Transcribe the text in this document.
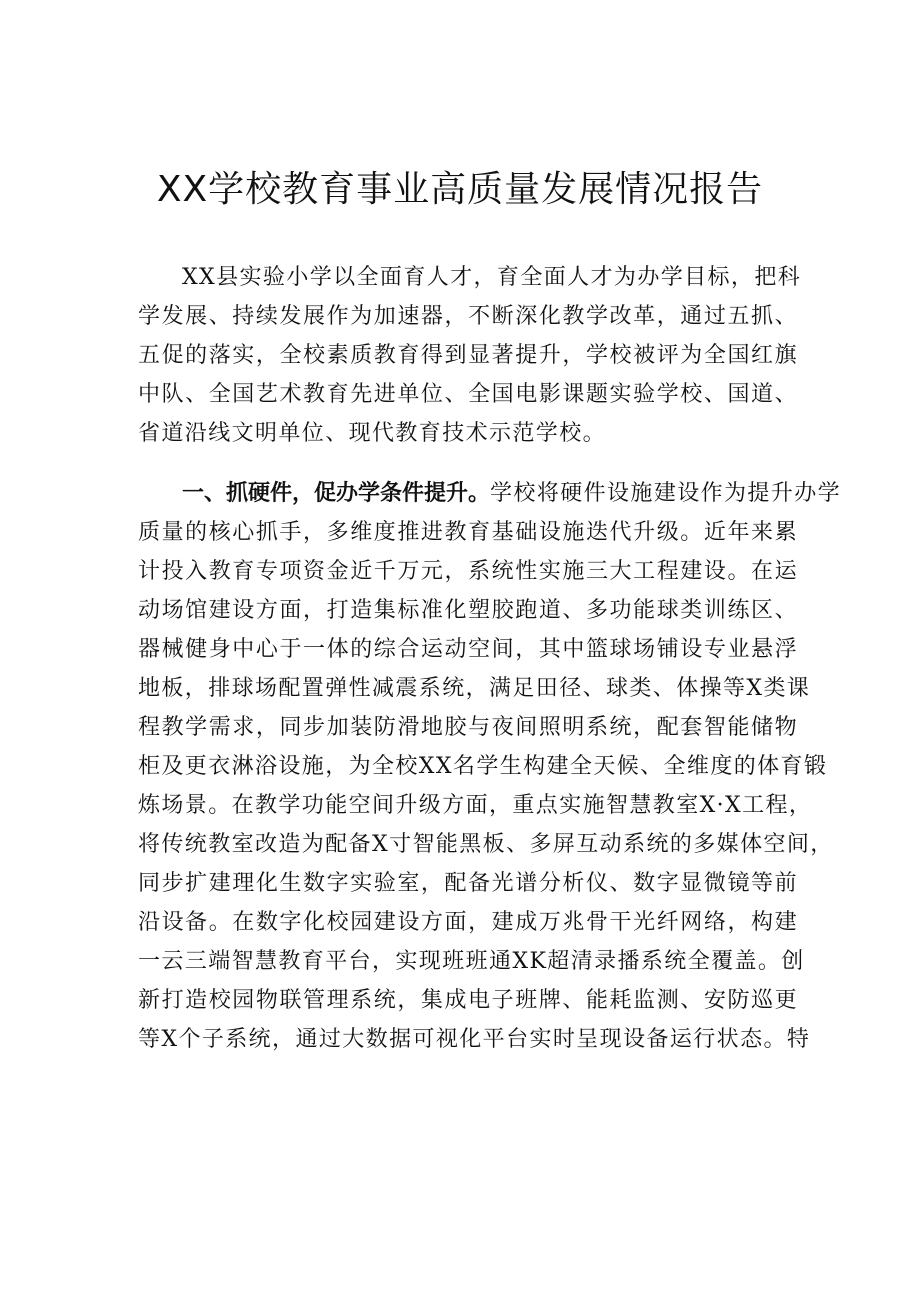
XX学校教育事业高质量发展情况报告
XX县实验小学以全面育人才，育全面人才为办学目标，把科
学发展、持续发展作为加速器，不断深化教学改革，通过五抓、
五促的落实，全校素质教育得到显著提升，学校被评为全国红旗
中队、全国艺术教育先进单位、全国电影课题实验学校、国道、
省道沿线文明单位、现代教育技术示范学校。
一、抓硬件，促办学条件提升。学校将硬件设施建设作为提升办学
质量的核心抓手，多维度推进教育基础设施迭代升级。近年来累
计投入教育专项资金近千万元，系统性实施三大工程建设。在运
动场馆建设方面，打造集标准化塑胶跑道、多功能球类训练区、
器械健身中心于一体的综合运动空间，其中篮球场铺设专业悬浮
地板，排球场配置弹性减震系统，满足田径、球类、体操等X类课
程教学需求，同步加装防滑地胶与夜间照明系统，配套智能储物
柜及更衣淋浴设施，为全校XX名学生构建全天候、全维度的体育锻
炼场景。在教学功能空间升级方面，重点实施智慧教室X·X工程，
将传统教室改造为配备X寸智能黑板、多屏互动系统的多媒体空间，
同步扩建理化生数字实验室，配备光谱分析仪、数字显微镜等前
沿设备。在数字化校园建设方面，建成万兆骨干光纤网络，构建
一云三端智慧教育平台，实现班班通XK超清录播系统全覆盖。创
新打造校园物联管理系统，集成电子班牌、能耗监测、安防巡更
等X个子系统，通过大数据可视化平台实时呈现设备运行状态。特
